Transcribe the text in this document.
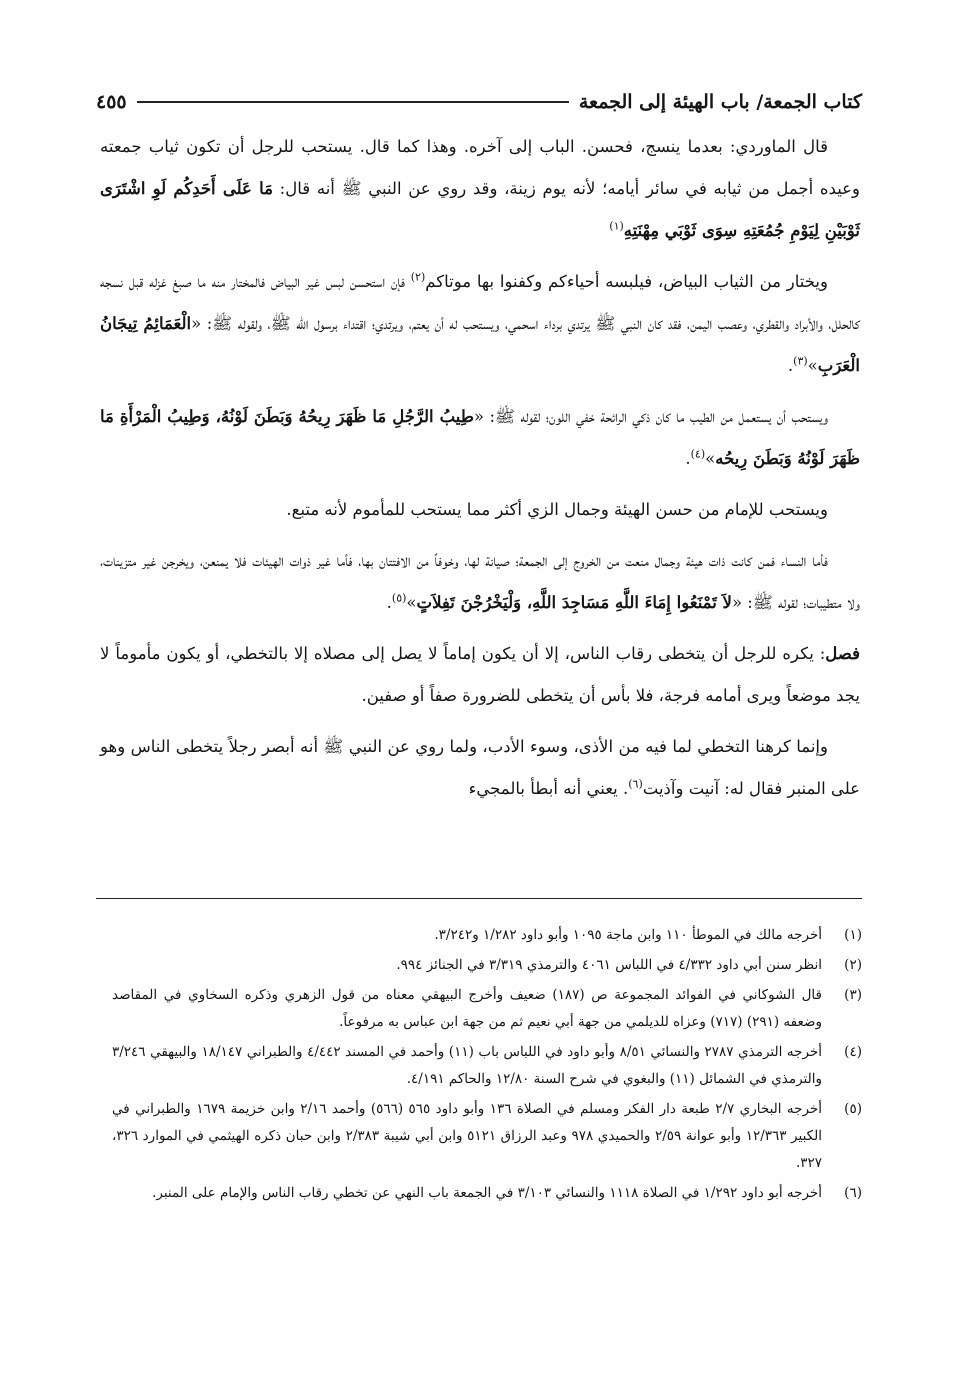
كتاب الجمعة/ باب الهيئة إلى الجمعة
٤٥٥

قال الماوردي: بعدما ينسج، فحسن. الباب إلى آخره. وهذا كما قال. يستحب للرجل أن تكون ثياب جمعته وعيده أجمل من ثيابه في سائر أيامه؛ لأنه يوم زينة، وقد روي عن النبي ﷺ أنه قال: مَا عَلَى أَحَدِكُم لَوِ اشْتَرَى ثَوْبَيْنِ لِيَوْمِ جُمُعَتِهِ سِوَى ثَوْبَي مِهْنَتِهِ$^{(١)}$

ويختار من الثياب البياض، فيلبسه أحياءكم وكفنوا بها موتاكم$^{(٢)}$ فإن استحسن لبس غير البياض فالمختار منه ما صبغ غزله قبل نسجه كالحلل، والأبراد والقطري، وعصب اليمن، فقد كان النبي ﷺ يرتدي برداء اسحمي، ويستحب له أن يعتم، ويرتدي؛ اقتداء برسول الله ﷺ، ولقوله ﷺ: «الْعَمَائِمُ تِيجَانُ الْعَرَبِ»$^{(٣)}$.

ويستحب أن يستعمل من الطيب ما كان ذكي الرائحة خفي اللون؛ لقوله ﷺ: «طِيبُ الرَّجُلِ مَا ظَهَرَ رِيحُهُ وَبَطَنَ لَوْنُهُ، وَطِيبُ الْمَرْأَةِ مَا ظَهَرَ لَوْنُهُ وَبَطَنَ رِيحُه»$^{(٤)}$.

ويستحب للإمام من حسن الهيئة وجمال الزي أكثر مما يستحب للمأموم لأنه متبع.

فأما النساء فمن كانت ذات هيئة وجمال منعت من الخروج إلى الجمعة؛ صيانة لها، وخوفاً من الافتتان بها، فأما غير ذوات الهيئات فلا يمنعن، ويخرجن غير متزينات، ولا متطيبات؛ لقوله ﷺ: «لاَ تَمْنَعُوا إِمَاءَ اللَّهِ مَسَاجِدَ اللَّهِ، وَلْيَخْرُجْنَ تَفِلاَتٍ»$^{(٥)}$.

فصل: يكره للرجل أن يتخطى رقاب الناس، إلا أن يكون إماماً لا يصل إلى مصلاه إلا بالتخطي، أو يكون مأموماً لا يجد موضعاً ويرى أمامه فرجة، فلا بأس أن يتخطى للضرورة صفاً أو صفين.

وإنما كرهنا التخطي لما فيه من الأذى، وسوء الأدب، ولما روي عن النبي ﷺ أنه أبصر رجلاً يتخطى الناس وهو على المنبر فقال له: آنيت وآذيت$^{(٦)}$. يعني أنه أبطأ بالمجيء

(١)
أخرجه مالك في الموطأ ١١٠ وابن ماجة ١٠٩٥ وأبو داود ١/٢٨٢ و٣/٢٤٢.
(٢)
انظر سنن أبي داود ٤/٣٣٢ في اللباس ٤٠٦١ والترمذي ٣/٣١٩ في الجنائز ٩٩٤.
(٣)
قال الشوكاني في الفوائد المجموعة ص (١٨٧) ضعيف وأخرج البيهقي معناه من قول الزهري وذكره السخاوي في المقاصد وضعفه (٢٩١) (٧١٧) وعزاه للديلمي من جهة أبي نعيم ثم من جهة ابن عباس به مرفوعاً.
(٤)
أخرجه الترمذي ٢٧٨٧ والنسائي ٨/٥١ وأبو داود في اللباس باب (١١) وأحمد في المسند ٤/٤٤٢ والطبراني ١٨/١٤٧ والبيهقي ٣/٢٤٦ والترمذي في الشمائل (١١) والبغوي في شرح السنة ١٢/٨٠ والحاكم ٤/١٩١.
(٥)
أخرجه البخاري ٢/٧ طبعة دار الفكر ومسلم في الصلاة ١٣٦ وأبو داود ٥٦٥ (٥٦٦) وأحمد ٢/١٦ وابن خزيمة ١٦٧٩ والطبراني في الكبير ١٢/٣٦٣ وأبو عوانة ٢/٥٩ والحميدي ٩٧٨ وعبد الرزاق ٥١٢١ وابن أبي شيبة ٢/٣٨٣ وابن حبان ذكره الهيثمي في الموارد ٣٢٦، ٣٢٧.
(٦)
أخرجه أبو داود ١/٢٩٢ في الصلاة ١١١٨ والنسائي ٣/١٠٣ في الجمعة باب النهي عن تخطي رقاب الناس والإمام على المنبر.
